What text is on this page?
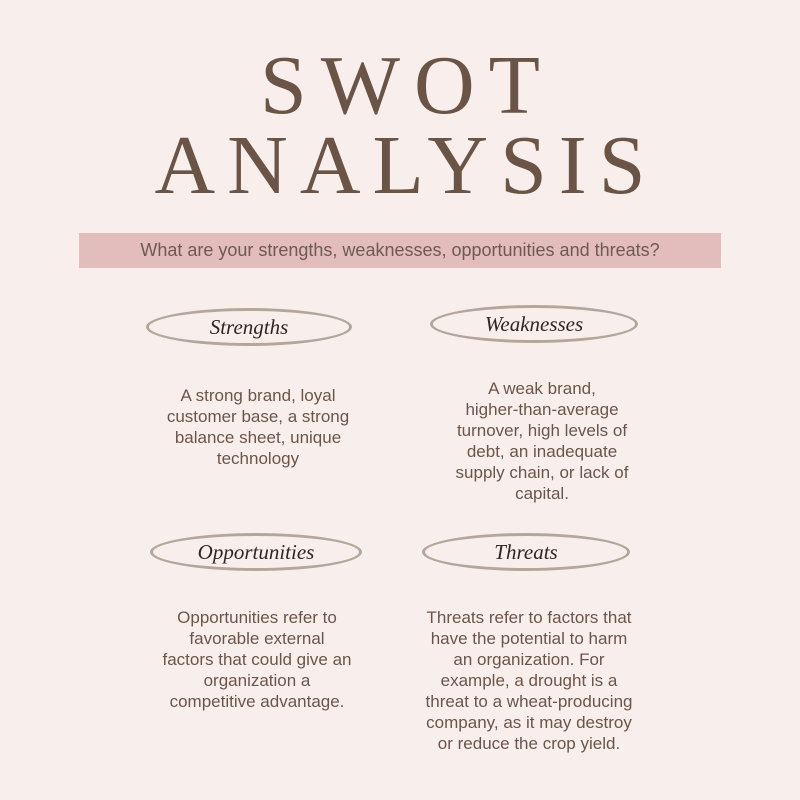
SWOT
ANALYSIS
What are your strengths, weaknesses, opportunities and threats?
Strengths
A strong brand, loyal
customer base, a strong
balance sheet, unique
technology
Weaknesses
A weak brand,
higher-than-average
turnover, high levels of
debt, an inadequate
supply chain, or lack of
capital.
Opportunities
Opportunities refer to
favorable external
factors that could give an
organization a
competitive advantage.
Threats
Threats refer to factors that
have the potential to harm
an organization. For
example, a drought is a
threat to a wheat-producing
company, as it may destroy
or reduce the crop yield.
